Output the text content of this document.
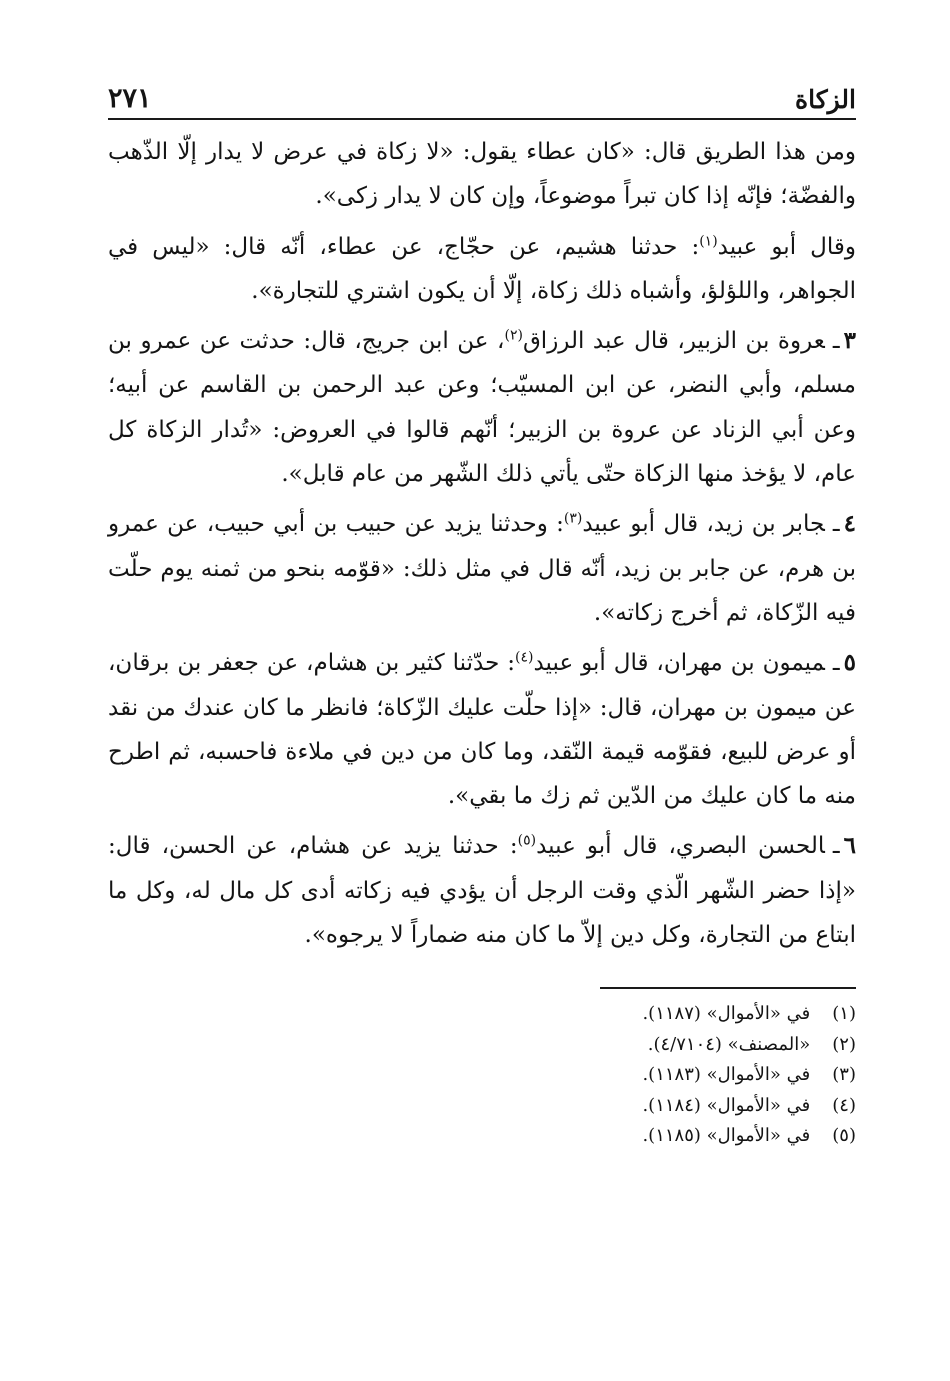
الزكاة
٢٧١

ومن هذا الطريق قال: «كان عطاء يقول: «لا زكاة في عرض لا يدار إلّا الذّهب والفضّة؛ فإنّه إذا كان تبراً موضوعاً، وإن كان لا يدار زكى».

وقال أبو عبيد$^{(١)}$: حدثنا هشيم، عن حجّاج، عن عطاء، أنّه قال: «ليس في الجواهر، واللؤلؤ، وأشباه ذلك زكاة، إلّا أن يكون اشتري للتجارة».

٣ـعروة بن الزبير، قال عبد الرزاق$^{(٢)}$، عن ابن جريج، قال: حدثت عن عمرو بن مسلم، وأبي النضر، عن ابن المسيّب؛ وعن عبد الرحمن بن القاسم عن أبيه؛ وعن أبي الزناد عن عروة بن الزبير؛ أنّهم قالوا في العروض: «تُدار الزكاة كل عام، لا يؤخذ منها الزكاة حتّى يأتي ذلك الشّهر من عام قابل».

٤ـجابر بن زيد، قال أبو عبيد$^{(٣)}$: وحدثنا يزيد عن حبيب بن أبي حبيب، عن عمرو بن هرم، عن جابر بن زيد، أنّه قال في مثل ذلك: «قوّمه بنحو من ثمنه يوم حلّت فيه الزّكاة، ثم أخرج زكاته».

٥ـميمون بن مهران، قال أبو عبيد$^{(٤)}$: حدّثنا كثير بن هشام، عن جعفر بن برقان، عن ميمون بن مهران، قال: «إذا حلّت عليك الزّكاة؛ فانظر ما كان عندك من نقد أو عرض للبيع، فقوّمه قيمة النّقد، وما كان من دين في ملاءة فاحسبه، ثم اطرح منه ما كان عليك من الدّين ثم زك ما بقي».

٦ـالحسن البصري، قال أبو عبيد$^{(٥)}$: حدثنا يزيد عن هشام، عن الحسن، قال: «إذا حضر الشّهر الّذي وقت الرجل أن يؤدي فيه زكاته أدى كل مال له، وكل ما ابتاع من التجارة، وكل دين إلاّ ما كان منه ضماراً لا يرجوه».

(١) في «الأموال» (١١٨٧).
(٢) «المصنف» (٤/٧١٠٤).
(٣) في «الأموال» (١١٨٣).
(٤) في «الأموال» (١١٨٤).
(٥) في «الأموال» (١١٨٥).
